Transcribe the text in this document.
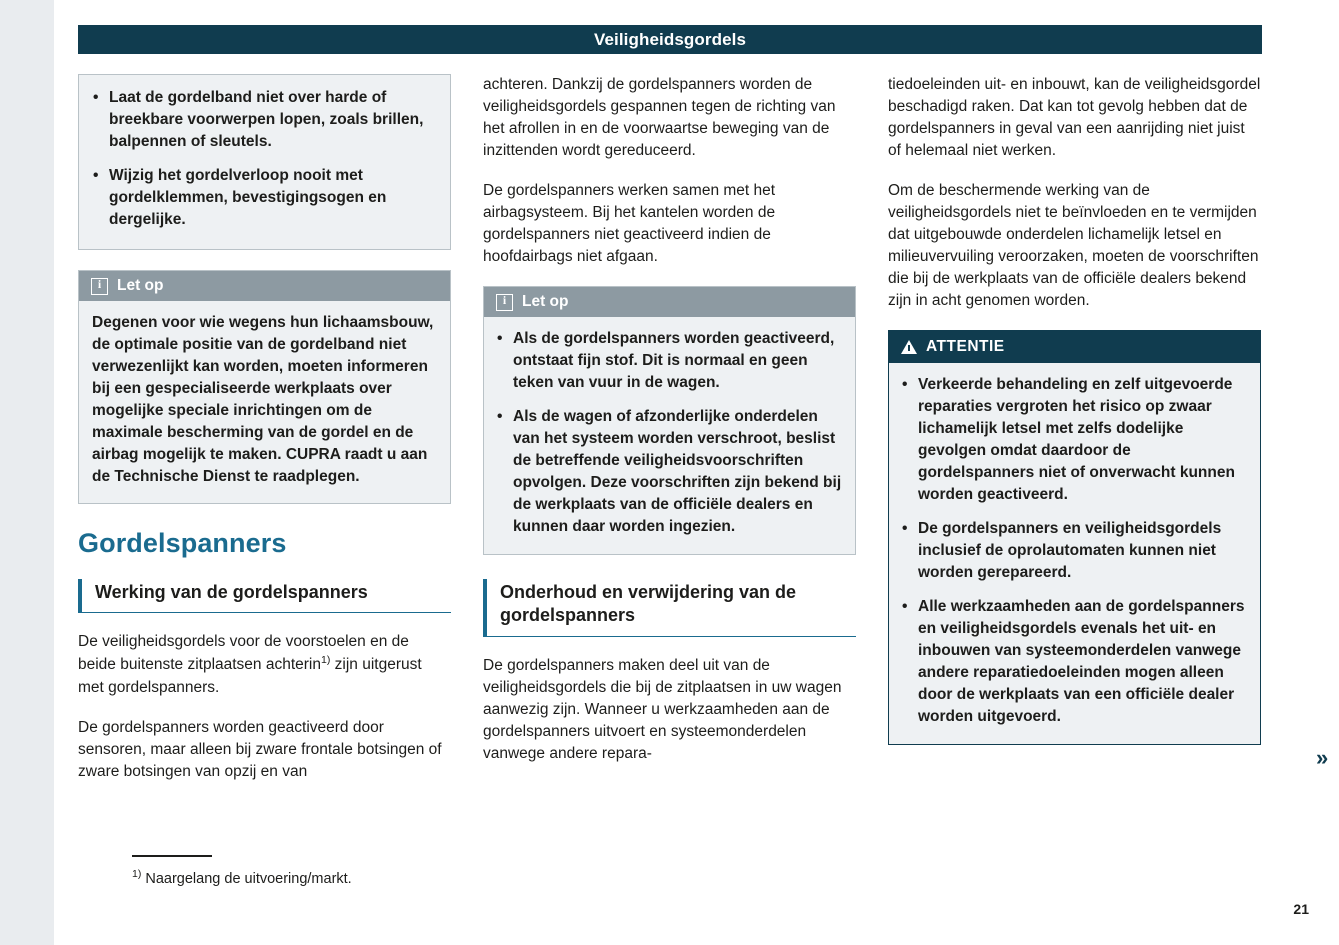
Veiligheidsgordels
• Laat de gordelband niet over harde of breekbare voorwerpen lopen, zoals brillen, balpennen of sleutels.
• Wijzig het gordelverloop nooit met gordelklemmen, bevestigingsogen en dergelijke.
i
Let op

Degenen voor wie wegens hun lichaamsbouw, de optimale positie van de gordelband niet verwezenlijkt kan worden, moeten informeren bij een gespecialiseerde werkplaats over mogelijke speciale inrichtingen om de maximale bescherming van de gordel en de airbag mogelijk te maken. CUPRA raadt u aan de Technische Dienst te raadplegen.

Gordelspanners
Werking van de gordelspanners

De veiligheidsgordels voor de voorstoelen en de beide buitenste zitplaatsen achterin$^{1)}$ zijn uitgerust met gordelspanners.

De gordelspanners worden geactiveerd door sensoren, maar alleen bij zware frontale botsingen of zware botsingen van opzij en van

achteren. Dankzij de gordelspanners worden de veiligheidsgordels gespannen tegen de richting van het afrollen in en de voorwaartse beweging van de inzittenden wordt gereduceerd.

De gordelspanners werken samen met het airbagsysteem. Bij het kantelen worden de gordelspanners niet geactiveerd indien de hoofdairbags niet afgaan.

i
Let op
• Als de gordelspanners worden geactiveerd, ontstaat fijn stof. Dit is normaal en geen teken van vuur in de wagen.
• Als de wagen of afzonderlijke onderdelen van het systeem worden verschroot, beslist de betreffende veiligheidsvoorschriften opvolgen. Deze voorschriften zijn bekend bij de werkplaats van de officiële dealers en kunnen daar worden ingezien.
Onderhoud en verwijdering van de gordelspanners

De gordelspanners maken deel uit van de veiligheidsgordels die bij de zitplaatsen in uw wagen aanwezig zijn. Wanneer u werkzaamheden aan de gordelspanners uitvoert en systeemonderdelen vanwege andere repara-

tiedoeleinden uit- en inbouwt, kan de veiligheidsgordel beschadigd raken. Dat kan tot gevolg hebben dat de gordelspanners in geval van een aanrijding niet juist of helemaal niet werken.

Om de beschermende werking van de veiligheidsgordels niet te beïnvloeden en te vermijden dat uitgebouwde onderdelen lichamelijk letsel en milieuvervuiling veroorzaken, moeten de voorschriften die bij de werkplaats van de officiële dealers bekend zijn in acht genomen worden.

ATTENTIE
• Verkeerde behandeling en zelf uitgevoerde reparaties vergroten het risico op zwaar lichamelijk letsel met zelfs dodelijke gevolgen omdat daardoor de gordelspanners niet of onverwacht kunnen worden geactiveerd.
• De gordelspanners en veiligheidsgordels inclusief de oprolautomaten kunnen niet worden gerepareerd.
• Alle werkzaamheden aan de gordelspanners en veiligheidsgordels evenals het uit- en inbouwen van systeemonderdelen vanwege andere reparatiedoeleinden mogen alleen door de werkplaats van een officiële dealer worden uitgevoerd.
»
$^{1)}$ Naargelang de uitvoering/markt.
21
